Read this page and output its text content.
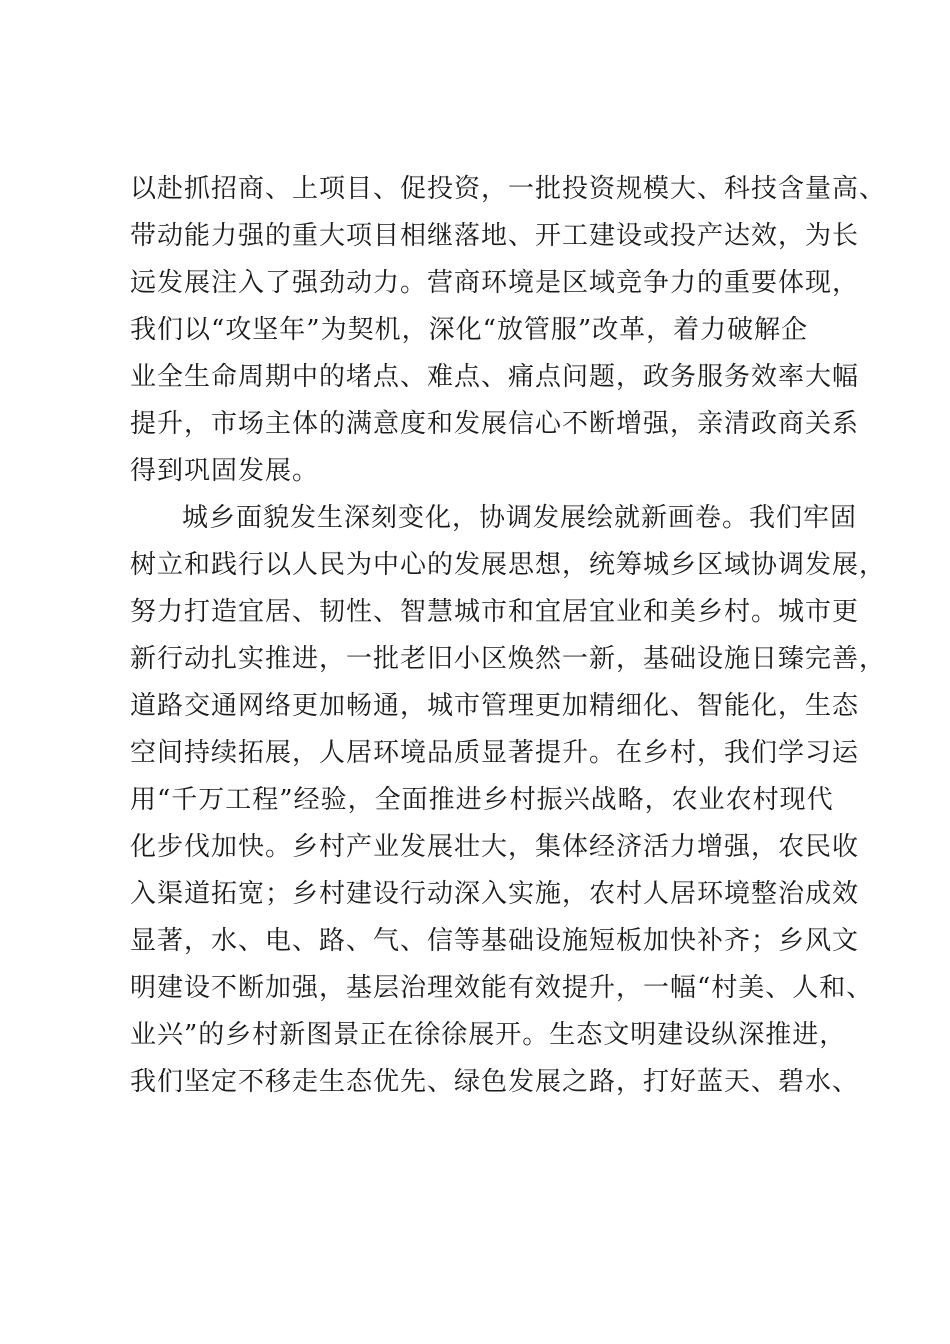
以赴抓招商、上项目、促投资，一批投资规模大、科技含量高、
带动能力强的重大项目相继落地、开工建设或投产达效，为长
远发展注入了强劲动力。营商环境是区域竞争力的重要体现，
我们以“攻坚年”为契机，深化“放管服”改革，着力破解企
业全生命周期中的堵点、难点、痛点问题，政务服务效率大幅
提升，市场主体的满意度和发展信心不断增强，亲清政商关系
得到巩固发展。
城乡面貌发生深刻变化，协调发展绘就新画卷。我们牢固
树立和践行以人民为中心的发展思想，统筹城乡区域协调发展，
努力打造宜居、韧性、智慧城市和宜居宜业和美乡村。城市更
新行动扎实推进，一批老旧小区焕然一新，基础设施日臻完善，
道路交通网络更加畅通，城市管理更加精细化、智能化，生态
空间持续拓展，人居环境品质显著提升。在乡村，我们学习运
用“千万工程”经验，全面推进乡村振兴战略，农业农村现代
化步伐加快。乡村产业发展壮大，集体经济活力增强，农民收
入渠道拓宽；乡村建设行动深入实施，农村人居环境整治成效
显著，水、电、路、气、信等基础设施短板加快补齐；乡风文
明建设不断加强，基层治理效能有效提升，一幅“村美、人和、
业兴”的乡村新图景正在徐徐展开。生态文明建设纵深推进，
我们坚定不移走生态优先、绿色发展之路，打好蓝天、碧水、
